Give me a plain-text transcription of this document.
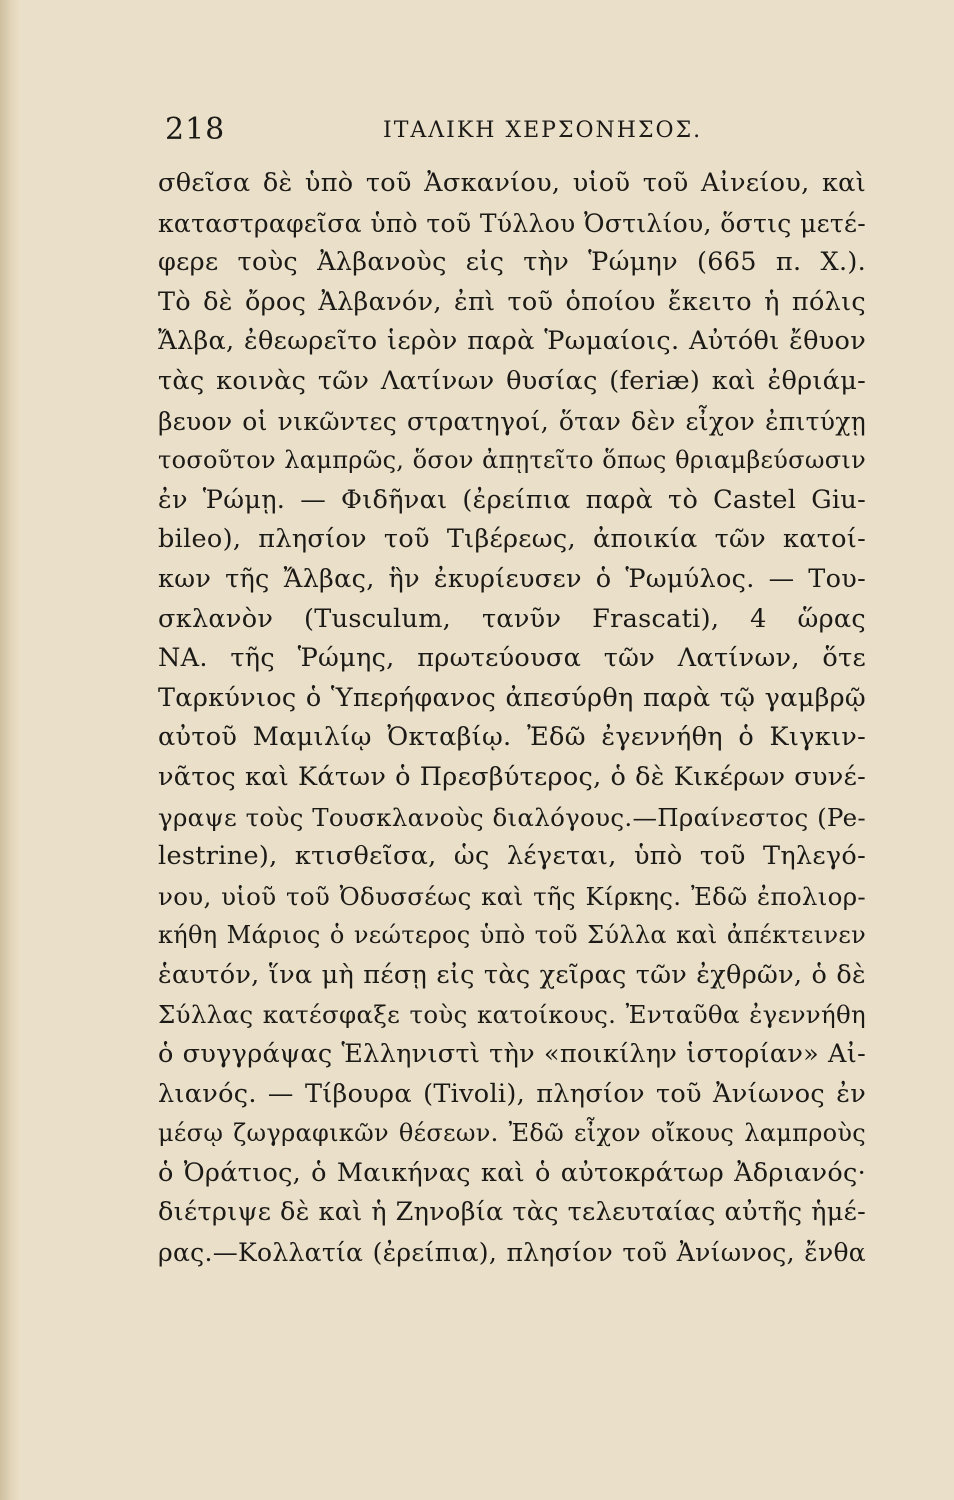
218	ΙΤΑΛΙΚΗ ΧΕΡΣΟΝΗΣΟΣ.
σθεῖσα δὲ ὑπὸ τοῦ Ἀσκανίου, υἱοῦ τοῦ Αἰνείου, καὶ
καταστραφεῖσα ὑπὸ τοῦ Τύλλου Ὀστιλίου, ὅστις μετέ-
φερε τοὺς Ἀλβανοὺς εἰς τὴν Ῥώμην (665 π. Χ.).
Τὸ δὲ ὄρος Ἀλβανόν, ἐπὶ τοῦ ὁποίου ἔκειτο ἡ πόλις
Ἄλβα, ἐθεωρεῖτο ἱερὸν παρὰ Ῥωμαίοις. Αὐτόθι ἔθυον
τὰς κοινὰς τῶν Λατίνων θυσίας (feriæ) καὶ ἐθριάμ-
βευον οἱ νικῶντες στρατηγοί, ὅταν δὲν εἶχον ἐπιτύχῃ
τοσοῦτον λαμπρῶς, ὅσον ἀπῃτεῖτο ὅπως θριαμβεύσωσιν
ἐν Ῥώμῃ. — Φιδῆναι (ἐρείπια παρὰ τὸ Castel Giu-
bileo), πλησίον τοῦ Τιβέρεως, ἀποικία τῶν κατοί-
κων τῆς Ἄλβας, ἣν ἐκυρίευσεν ὁ Ῥωμύλος. — Του-
σκλανὸν (Tusculum, τανῦν Frascati), 4 ὥρας
ΝΑ. τῆς Ῥώμης, πρωτεύουσα τῶν Λατίνων, ὅτε
Ταρκύνιος ὁ Ὑπερήφανος ἀπεσύρθη παρὰ τῷ γαμβρῷ
αὐτοῦ Μαμιλίῳ Ὀκταβίῳ. Ἐδῶ ἐγεννήθη ὁ Κιγκιν-
νᾶτος καὶ Κάτων ὁ Πρεσβύτερος, ὁ δὲ Κικέρων συνέ-
γραψε τοὺς Τουσκλανοὺς διαλόγους.—Πραίνεστος (Pe-
lestrine), κτισθεῖσα, ὡς λέγεται, ὑπὸ τοῦ Τηλεγό-
νου, υἱοῦ τοῦ Ὀδυσσέως καὶ τῆς Κίρκης. Ἐδῶ ἐπολιορ-
κήθη Μάριος ὁ νεώτερος ὑπὸ τοῦ Σύλλα καὶ ἀπέκτεινεν
ἑαυτόν, ἵνα μὴ πέσῃ εἰς τὰς χεῖρας τῶν ἐχθρῶν, ὁ δὲ
Σύλλας κατέσφαξε τοὺς κατοίκους. Ἐνταῦθα ἐγεννήθη
ὁ συγγράψας Ἑλληνιστὶ τὴν «ποικίλην ἱστορίαν» Αἰ-
λιανός. — Τίβουρα (Tivoli), πλησίον τοῦ Ἀνίωνος ἐν
μέσῳ ζωγραφικῶν θέσεων. Ἐδῶ εἶχον οἴκους λαμπροὺς
ὁ Ὀράτιος, ὁ Μαικήνας καὶ ὁ αὐτοκράτωρ Ἀδριανός·
διέτριψε δὲ καὶ ἡ Ζηνοβία τὰς τελευταίας αὐτῆς ἡμέ-
ρας.—Κολλατία (ἐρείπια), πλησίον τοῦ Ἀνίωνος, ἔνθα
